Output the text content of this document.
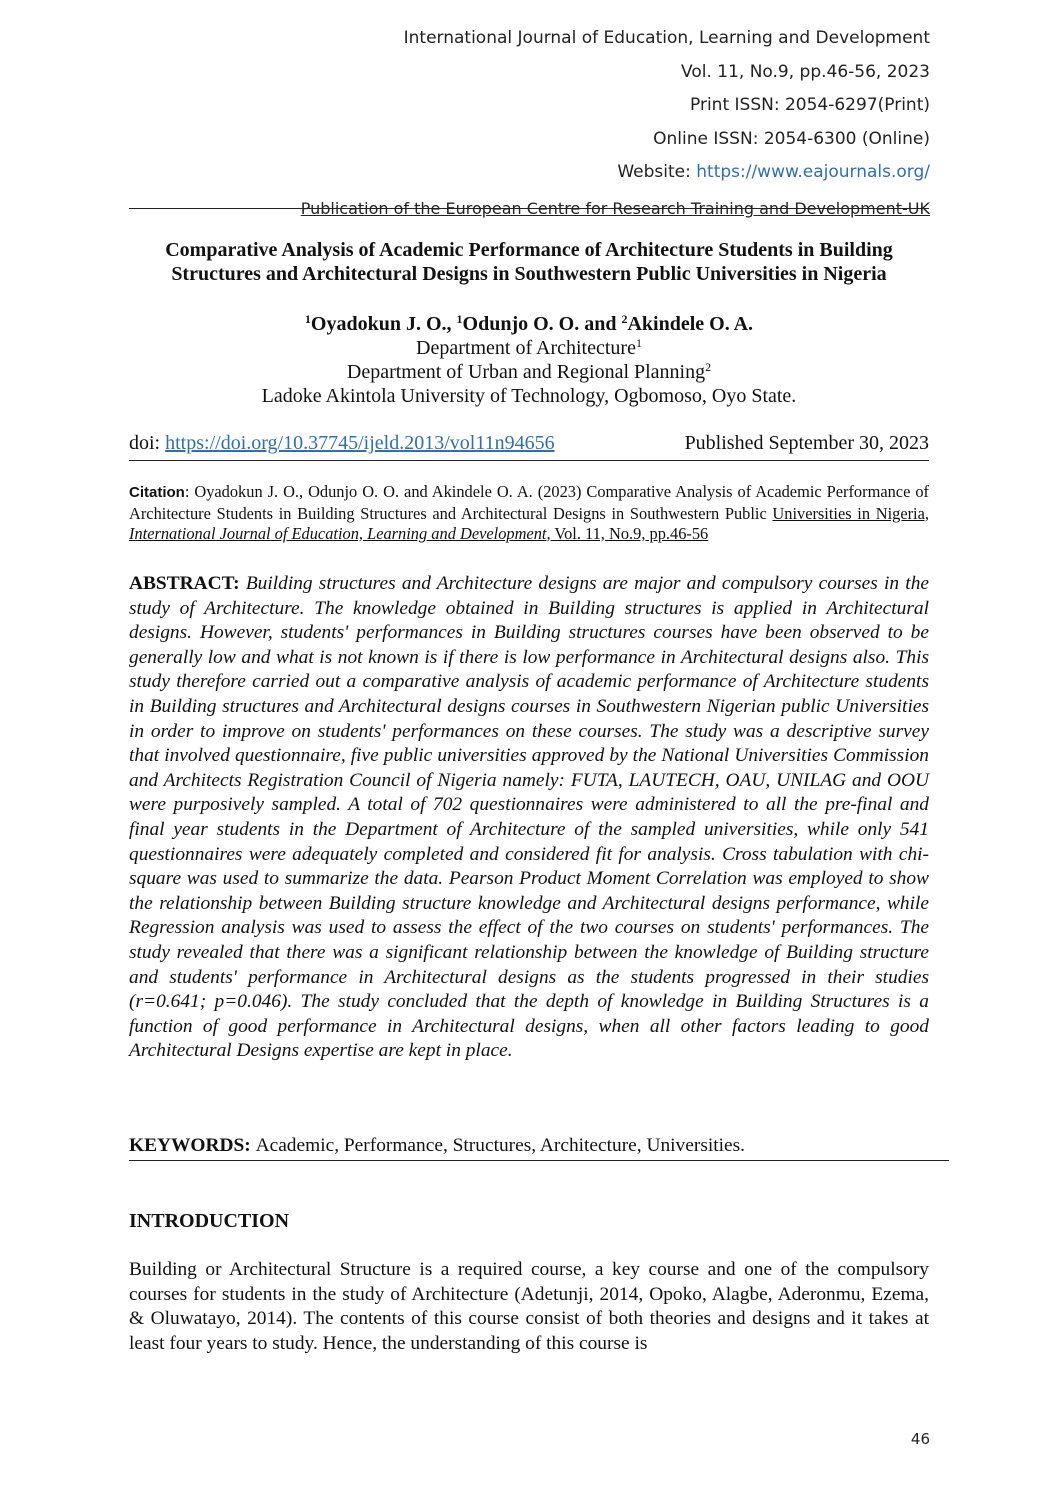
International Journal of Education, Learning and Development
Vol. 11, No.9, pp.46-56, 2023
Print ISSN: 2054-6297(Print)
Online ISSN: 2054-6300 (Online)
Website: https://www.eajournals.org/
Publication of the European Centre for Research Training and Development-UK
Comparative Analysis of Academic Performance of Architecture Students in Building
Structures and Architectural Designs in Southwestern Public Universities in Nigeria
$^1$Oyadokun J. O., $^1$Odunjo O. O. and $^2$Akindele O. A.
Department of Architecture$^1$
Department of Urban and Regional Planning$^2$
Ladoke Akintola University of Technology, Ogbomoso, Oyo State.
doi: https://doi.org/10.37745/ijeld.2013/vol11n94656	Published September 30, 2023
Citation: Oyadokun J. O., Odunjo O. O. and Akindele O. A. (2023) Comparative Analysis of Academic Performance of Architecture Students in Building Structures and Architectural Designs in Southwestern Public Universities in Nigeria, International Journal of Education, Learning and Development, Vol. 11, No.9, pp.46-56
ABSTRACT: Building structures and Architecture designs are major and compulsory courses in the study of Architecture. The knowledge obtained in Building structures is applied in Architectural designs. However, students' performances in Building structures courses have been observed to be generally low and what is not known is if there is low performance in Architectural designs also. This study therefore carried out a comparative analysis of academic performance of Architecture students in Building structures and Architectural designs courses in Southwestern Nigerian public Universities in order to improve on students' performances on these courses. The study was a descriptive survey that involved questionnaire, five public universities approved by the National Universities Commission and Architects Registration Council of Nigeria namely: FUTA, LAUTECH, OAU, UNILAG and OOU were purposively sampled. A total of 702 questionnaires were administered to all the pre-final and final year students in the Department of Architecture of the sampled universities, while only 541 questionnaires were adequately completed and considered fit for analysis. Cross tabulation with chi-square was used to summarize the data. Pearson Product Moment Correlation was employed to show the relationship between Building structure knowledge and Architectural designs performance, while Regression analysis was used to assess the effect of the two courses on students' performances. The study revealed that there was a significant relationship between the knowledge of Building structure and students' performance in Architectural designs as the students progressed in their studies (r=0.641; p=0.046). The study concluded that the depth of knowledge in Building Structures is a function of good performance in Architectural designs, when all other factors leading to good Architectural Designs expertise are kept in place.
KEYWORDS: Academic, Performance, Structures, Architecture, Universities.
INTRODUCTION
Building or Architectural Structure is a required course, a key course and one of the compulsory courses for students in the study of Architecture (Adetunji, 2014, Opoko, Alagbe, Aderonmu, Ezema, & Oluwatayo, 2014). The contents of this course consist of both theories and designs and it takes at least four years to study. Hence, the understanding of this course is
46
